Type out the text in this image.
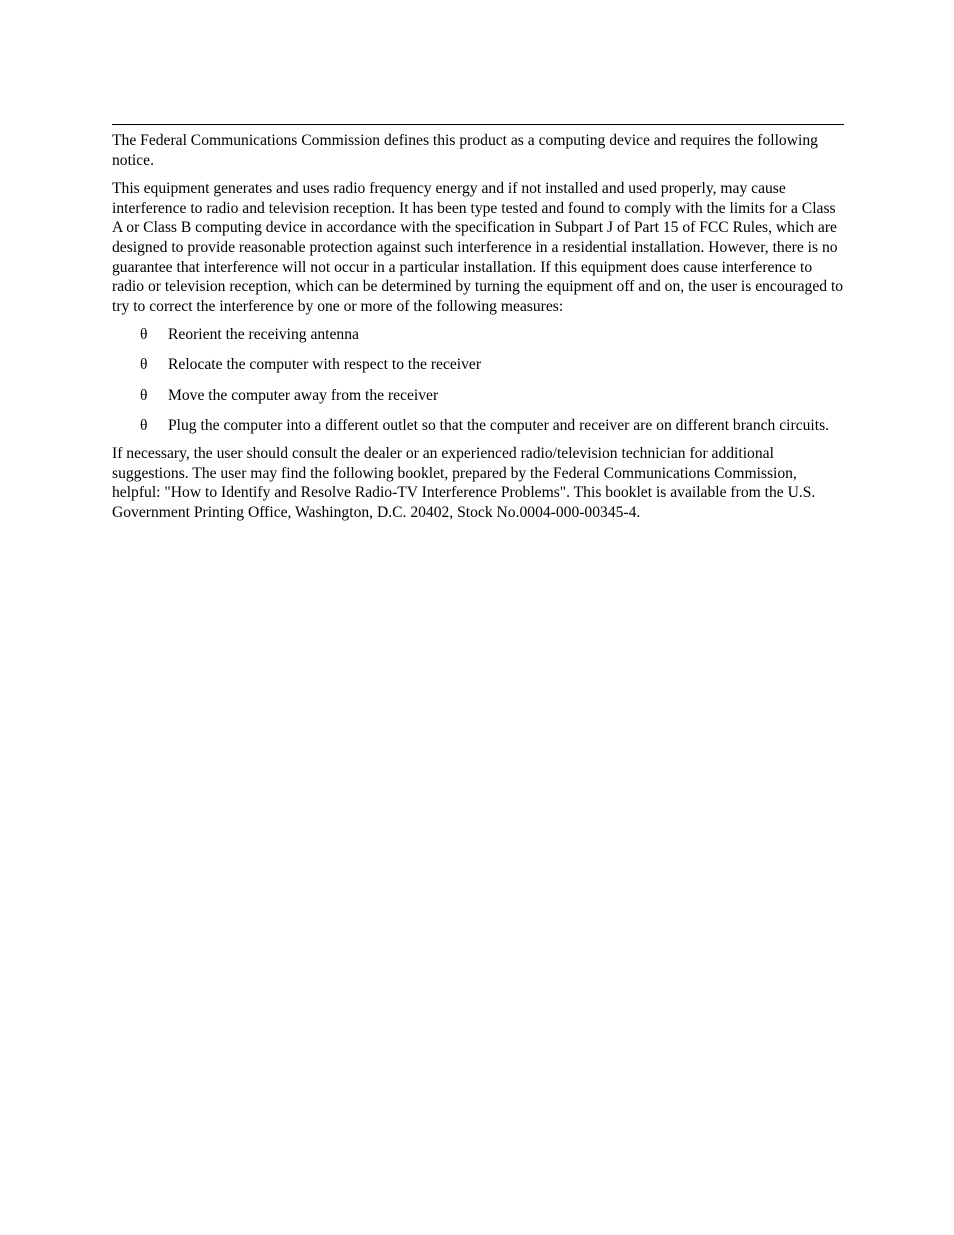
The Federal Communications Commission defines this product as a computing device and requires the following notice.

This equipment generates and uses radio frequency energy and if not installed and used properly, may cause interference to radio and television reception. It has been type tested and found to comply with the limits for a Class A or Class B computing device in accordance with the specification in Subpart J of Part 15 of FCC Rules, which are designed to provide reasonable protection against such interference in a residential installation. However, there is no guarantee that interference will not occur in a particular installation. If this equipment does cause interference to radio or television reception, which can be determined by turning the equipment off and on, the user is encouraged to try to correct the interference by one or more of the following measures:

θ	Reorient the receiving antenna
θ	Relocate the computer with respect to the receiver
θ	Move the computer away from the receiver
θ	Plug the computer into a different outlet so that the computer and receiver are on different branch circuits.

If necessary, the user should consult the dealer or an experienced radio/television technician for additional suggestions. The user may find the following booklet, prepared by the Federal Communications Commission, helpful: "How to Identify and Resolve Radio-TV Interference Problems". This booklet is available from the U.S. Government Printing Office, Washington, D.C. 20402, Stock No.0004-000-00345-4.
